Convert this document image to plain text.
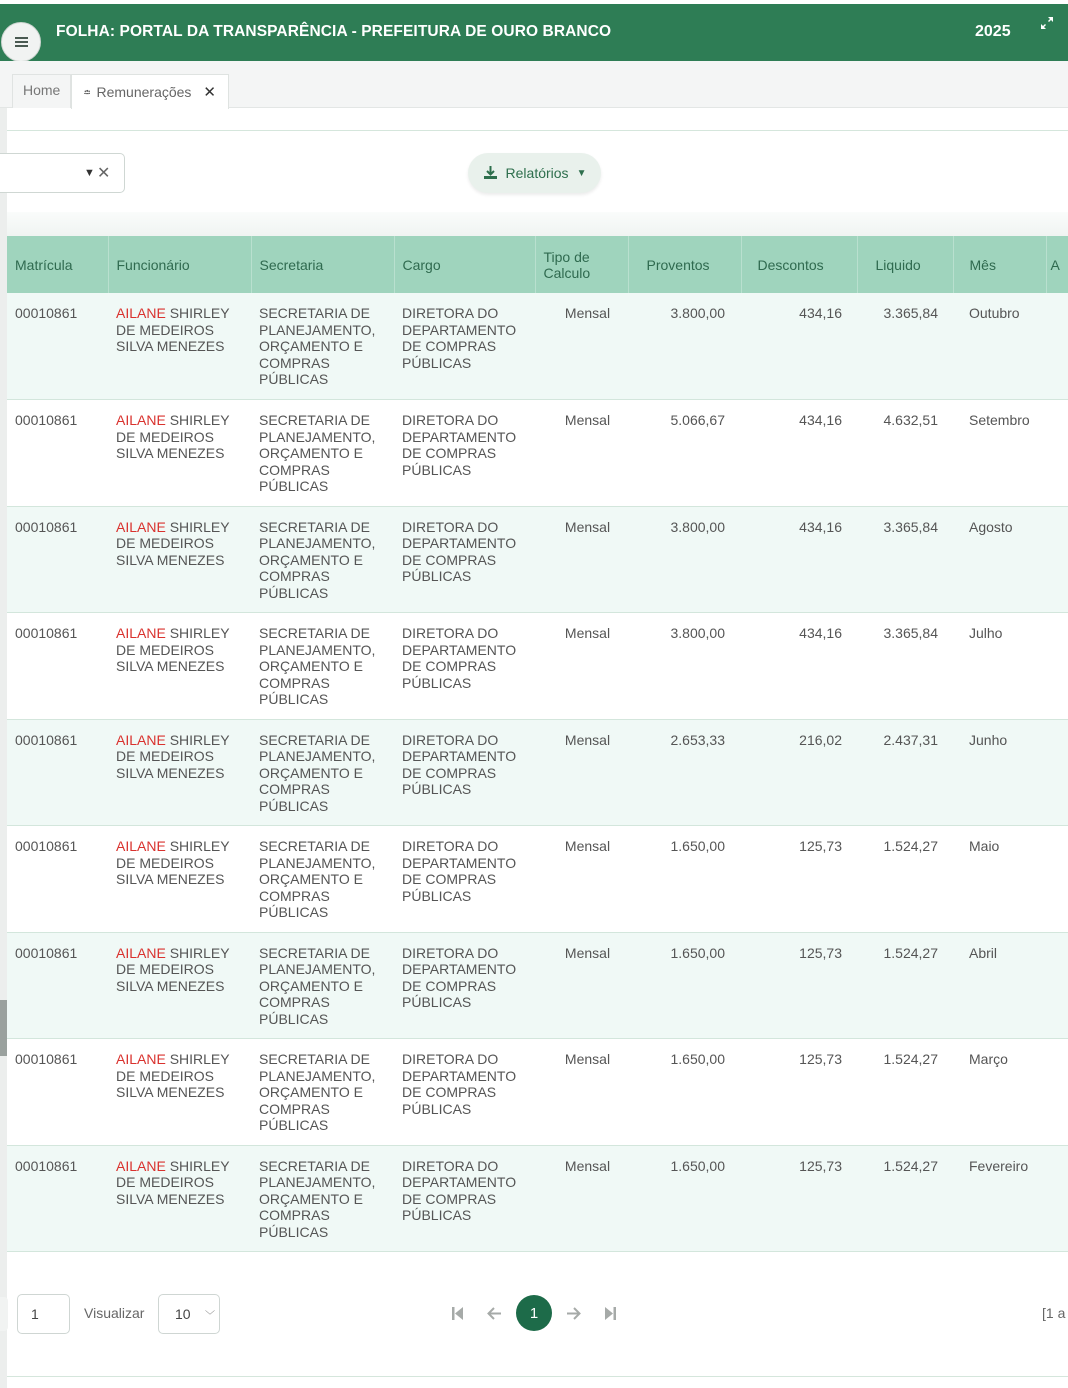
FOLHA: PORTAL DA TRANSPARÊNCIA - PREFEITURA DE OURO BRANCO	2025
Home	Remunerações ✕
▼ ✕	Relatórios ▼
Matrícula	Funcionário	Secretaria	Cargo	Tipo de Calculo	Proventos	Descontos	Liquido	Mês	A
00010861	AILANE SHIRLEY DE MEDEIROS SILVA MENEZES	SECRETARIA DE PLANEJAMENTO, ORÇAMENTO E COMPRAS PÚBLICAS	DIRETORA DO DEPARTAMENTO DE COMPRAS PÚBLICAS	Mensal	3.800,00	434,16	3.365,84	Outubro	
00010861	AILANE SHIRLEY DE MEDEIROS SILVA MENEZES	SECRETARIA DE PLANEJAMENTO, ORÇAMENTO E COMPRAS PÚBLICAS	DIRETORA DO DEPARTAMENTO DE COMPRAS PÚBLICAS	Mensal	5.066,67	434,16	4.632,51	Setembro	
00010861	AILANE SHIRLEY DE MEDEIROS SILVA MENEZES	SECRETARIA DE PLANEJAMENTO, ORÇAMENTO E COMPRAS PÚBLICAS	DIRETORA DO DEPARTAMENTO DE COMPRAS PÚBLICAS	Mensal	3.800,00	434,16	3.365,84	Agosto	
00010861	AILANE SHIRLEY DE MEDEIROS SILVA MENEZES	SECRETARIA DE PLANEJAMENTO, ORÇAMENTO E COMPRAS PÚBLICAS	DIRETORA DO DEPARTAMENTO DE COMPRAS PÚBLICAS	Mensal	3.800,00	434,16	3.365,84	Julho	
00010861	AILANE SHIRLEY DE MEDEIROS SILVA MENEZES	SECRETARIA DE PLANEJAMENTO, ORÇAMENTO E COMPRAS PÚBLICAS	DIRETORA DO DEPARTAMENTO DE COMPRAS PÚBLICAS	Mensal	2.653,33	216,02	2.437,31	Junho	
00010861	AILANE SHIRLEY DE MEDEIROS SILVA MENEZES	SECRETARIA DE PLANEJAMENTO, ORÇAMENTO E COMPRAS PÚBLICAS	DIRETORA DO DEPARTAMENTO DE COMPRAS PÚBLICAS	Mensal	1.650,00	125,73	1.524,27	Maio	
00010861	AILANE SHIRLEY DE MEDEIROS SILVA MENEZES	SECRETARIA DE PLANEJAMENTO, ORÇAMENTO E COMPRAS PÚBLICAS	DIRETORA DO DEPARTAMENTO DE COMPRAS PÚBLICAS	Mensal	1.650,00	125,73	1.524,27	Abril	
00010861	AILANE SHIRLEY DE MEDEIROS SILVA MENEZES	SECRETARIA DE PLANEJAMENTO, ORÇAMENTO E COMPRAS PÚBLICAS	DIRETORA DO DEPARTAMENTO DE COMPRAS PÚBLICAS	Mensal	1.650,00	125,73	1.524,27	Março	
00010861	AILANE SHIRLEY DE MEDEIROS SILVA MENEZES	SECRETARIA DE PLANEJAMENTO, ORÇAMENTO E COMPRAS PÚBLICAS	DIRETORA DO DEPARTAMENTO DE COMPRAS PÚBLICAS	Mensal	1.650,00	125,73	1.524,27	Fevereiro	
1	Visualizar	10 ﹀	1	[1 a
